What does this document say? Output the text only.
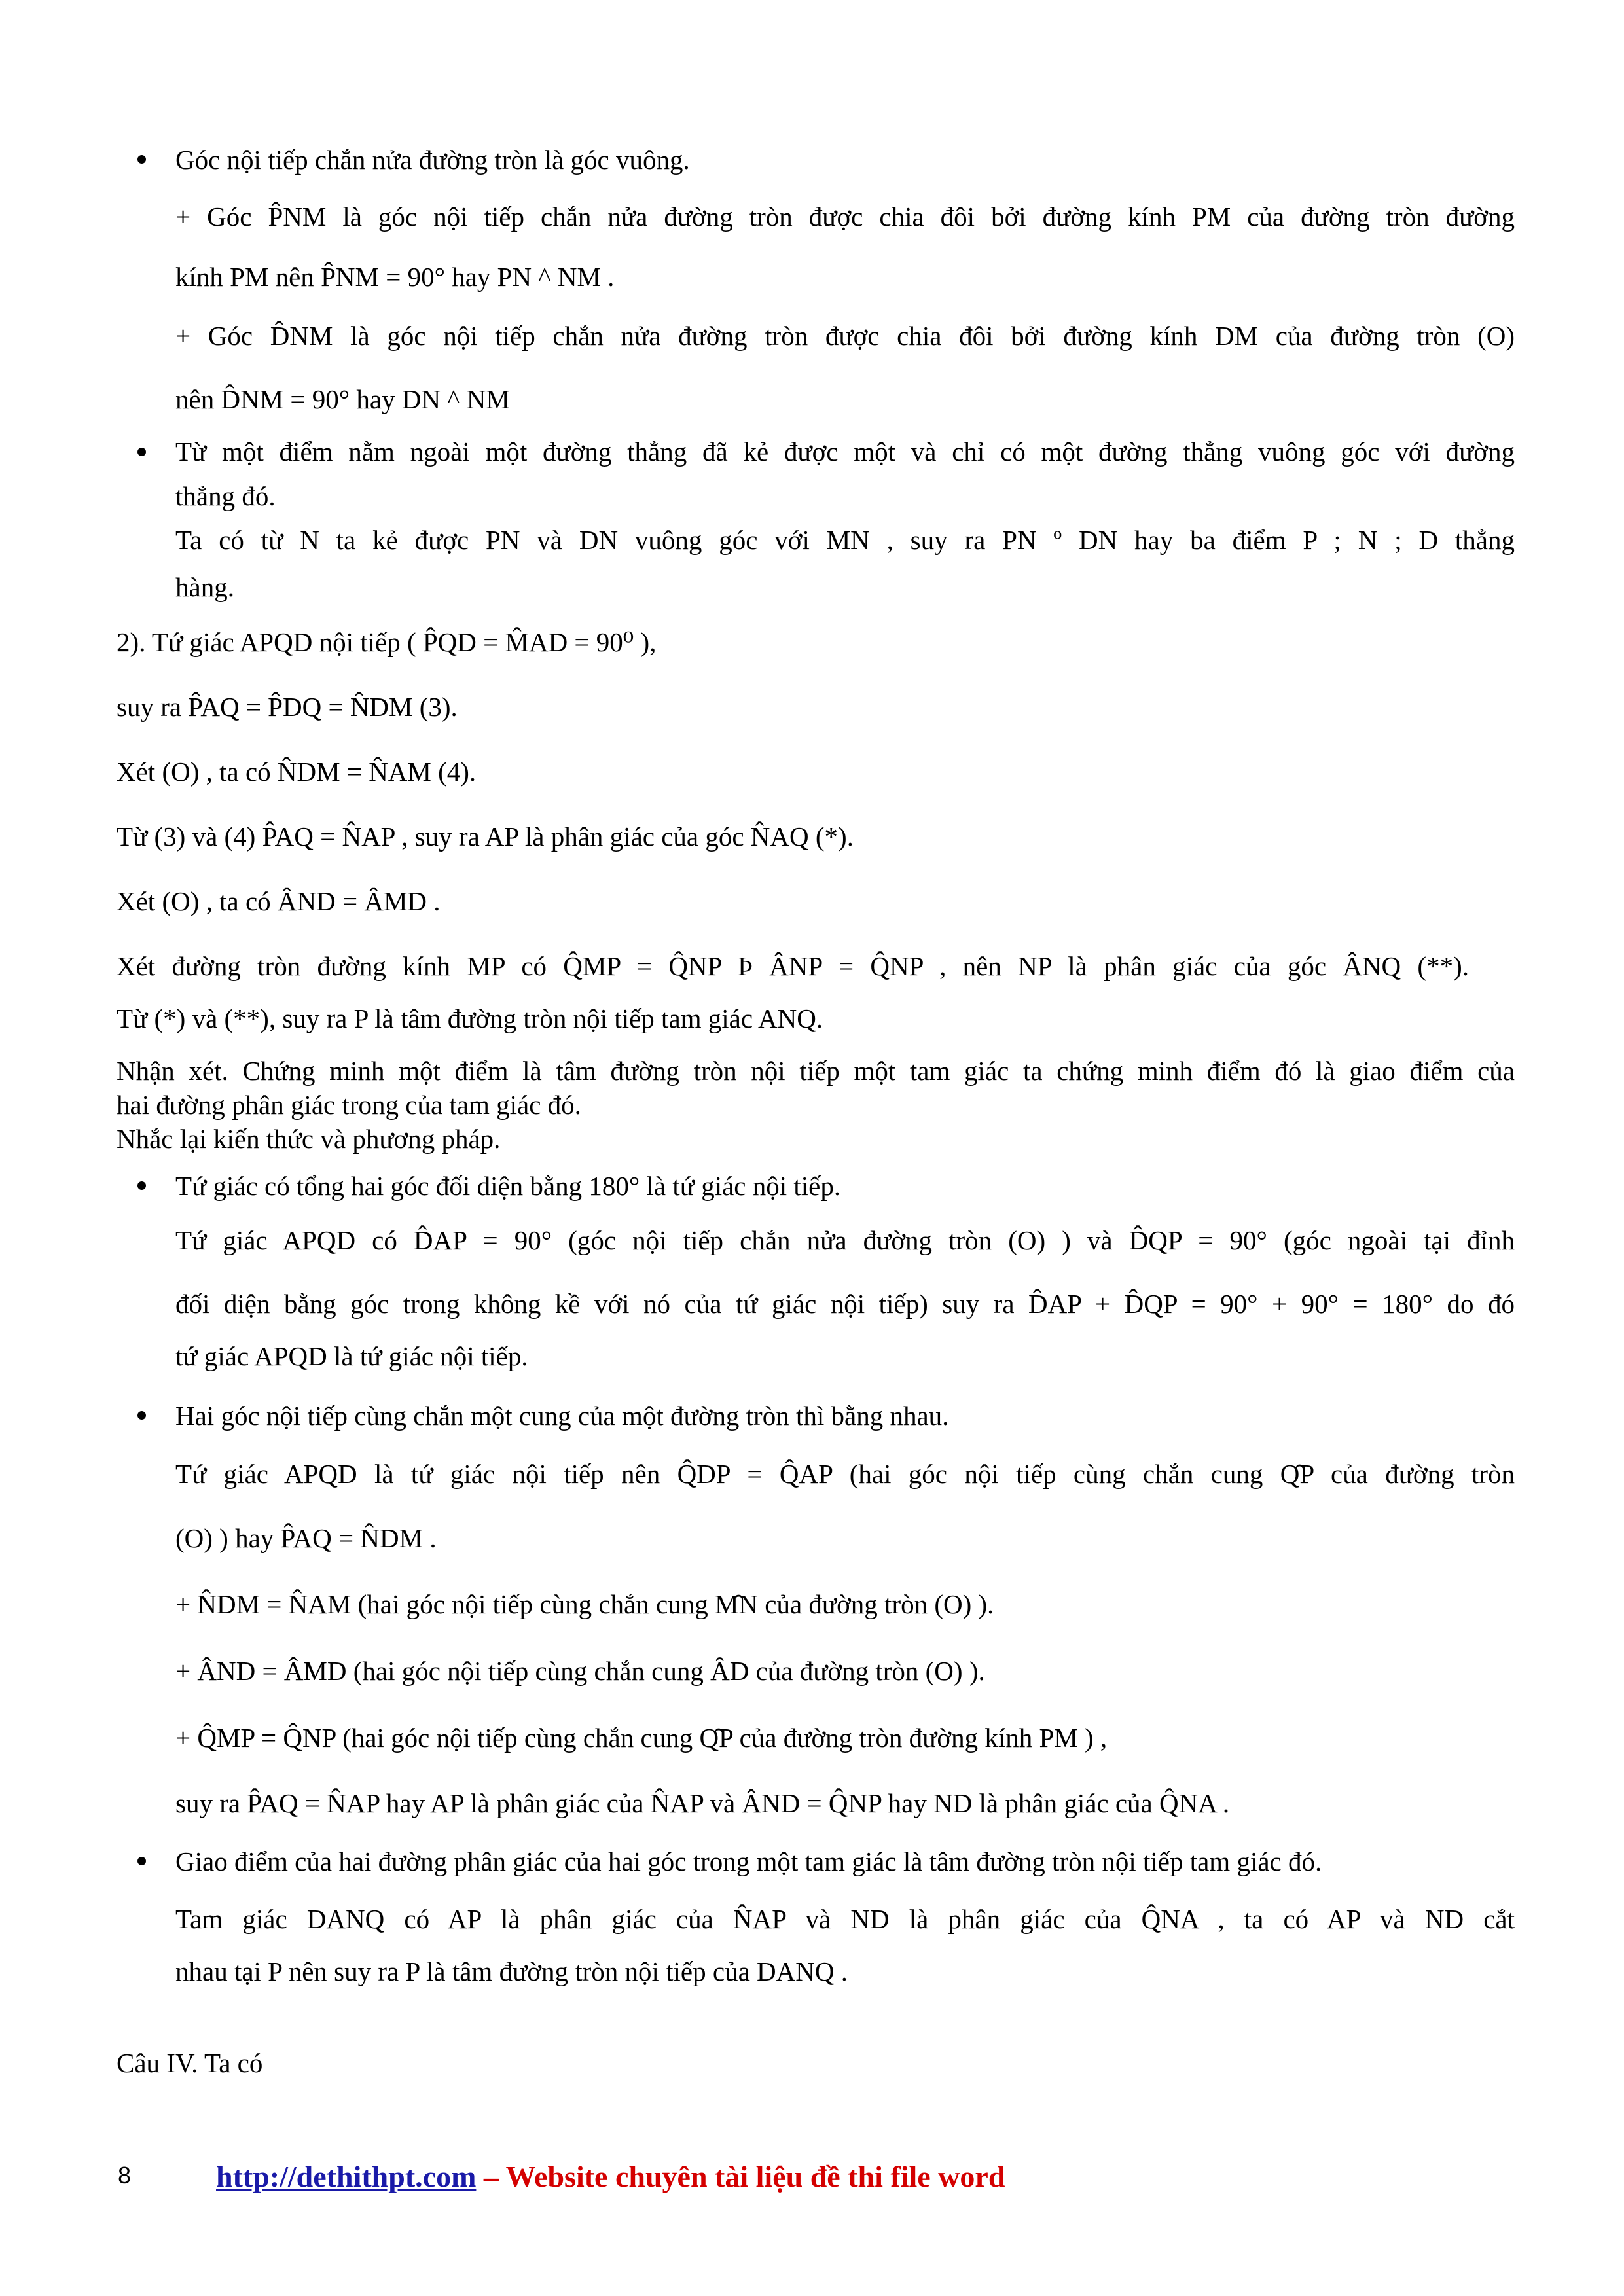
Góc nội tiếp chắn nửa đường tròn là góc vuông.
+ Góc P̂NM là góc nội tiếp chắn nửa đường tròn được chia đôi bởi đường kính PM của đường tròn đường
kính PM nên P̂NM = 90° hay PN ^ NM .
+ Góc D̂NM là góc nội tiếp chắn nửa đường tròn được chia đôi bởi đường kính DM của đường tròn (O)
nên D̂NM = 90° hay DN ^ NM
Từ một điểm nằm ngoài một đường thẳng đã kẻ được một và chỉ có một đường thẳng vuông góc với đường
thẳng đó.
Ta có từ N ta kẻ được PN và DN vuông góc với MN , suy ra PN º DN hay ba điểm P ; N ; D thẳng
hàng.
2). Tứ giác APQD nội tiếp ( P̂QD = M̂AD = 90⁰ ),
suy ra P̂AQ = P̂DQ = N̂DM (3).
Xét (O) , ta có N̂DM = N̂AM (4).
Từ (3) và (4) P̂AQ = N̂AP , suy ra AP là phân giác của góc N̂AQ (*).
Xét (O) , ta có ÂND = ÂMD .
Xét đường tròn đường kính MP có Q̂MP = Q̂NP Þ ÂNP = Q̂NP , nên NP là phân giác của góc ÂNQ (**).
Từ (*) và (**), suy ra P là tâm đường tròn nội tiếp tam giác ANQ.
Nhận xét. Chứng minh một điểm là tâm đường tròn nội tiếp một tam giác ta chứng minh điểm đó là giao điểm của
hai đường phân giác trong của tam giác đó.
Nhắc lại kiến thức và phương pháp.
Tứ giác có tổng hai góc đối diện bằng 180° là tứ giác nội tiếp.
Tứ giác APQD có D̂AP = 90° (góc nội tiếp chắn nửa đường tròn (O) ) và D̂QP = 90° (góc ngoài tại đỉnh
đối diện bằng góc trong không kề với nó của tứ giác nội tiếp) suy ra D̂AP + D̂QP = 90° + 90° = 180° do đó
tứ giác APQD là tứ giác nội tiếp.
Hai góc nội tiếp cùng chắn một cung của một đường tròn thì bằng nhau.
Tứ giác APQD là tứ giác nội tiếp nên Q̂DP = Q̂AP (hai góc nội tiếp cùng chắn cung Q̑P của đường tròn
(O) ) hay P̂AQ = N̂DM .
+ N̂DM = N̂AM (hai góc nội tiếp cùng chắn cung M̑N của đường tròn (O) ).
+ ÂND = ÂMD (hai góc nội tiếp cùng chắn cung ȂD của đường tròn (O) ).
+ Q̂MP = Q̂NP (hai góc nội tiếp cùng chắn cung Q̑P của đường tròn đường kính PM ) ,
suy ra P̂AQ = N̂AP hay AP là phân giác của N̂AP và ÂND = Q̂NP hay ND là phân giác của Q̂NA .
Giao điểm của hai đường phân giác của hai góc trong một tam giác là tâm đường tròn nội tiếp tam giác đó.
Tam giác DANQ có AP là phân giác của N̂AP và ND là phân giác của Q̂NA , ta có AP và ND cắt
nhau tại P nên suy ra P là tâm đường tròn nội tiếp của DANQ .
Câu IV. Ta có
8	http://dethithpt.com – Website chuyên tài liệu đề thi file word
